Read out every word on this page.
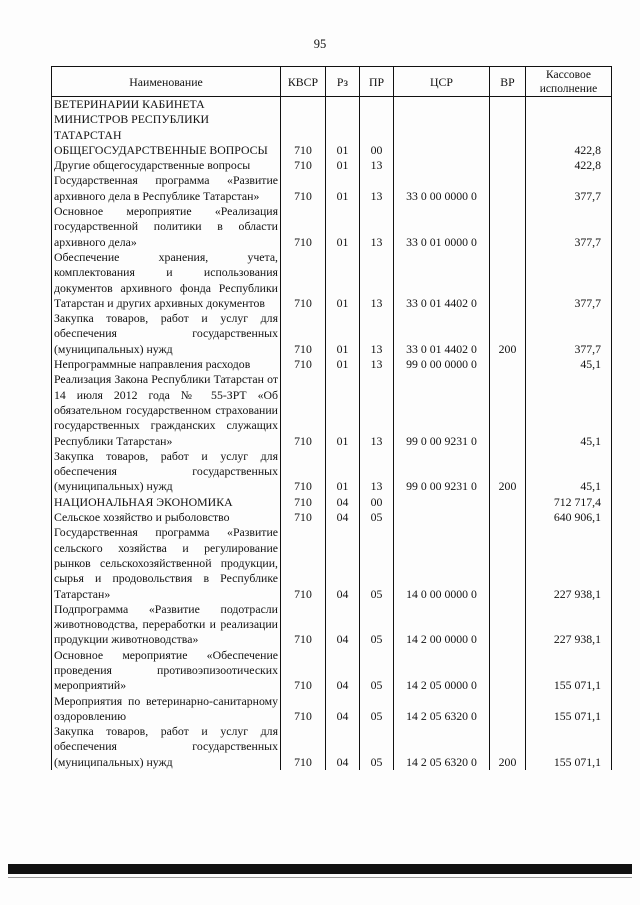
95
Наименование	КВСР	Рз	ПР	ЦСР	ВР	Кассовое исполнение
ВЕТЕРИНАРИИ КАБИНЕТА МИНИСТРОВ РЕСПУБЛИКИ ТАТАРСТАН						
ОБЩЕГОСУДАРСТВЕННЫЕ ВОПРОСЫ	710	01	00			422,8
Другие общегосударственные вопросы	710	01	13			422,8
Государственная программа «Развитие архивного дела в Республике Татарстан»	710	01	13	33 0 00 0000 0		377,7
Основное мероприятие «Реализация государственной политики в области архивного дела»	710	01	13	33 0 01 0000 0		377,7
Обеспечение хранения, учета, комплектования и использования документов архивного фонда Республики Татарстан и других архивных документов	710	01	13	33 0 01 4402 0		377,7
Закупка товаров, работ и услуг для обеспечения государственных (муниципальных) нужд	710	01	13	33 0 01 4402 0	200	377,7
Непрограммные направления расходов	710	01	13	99 0 00 0000 0		45,1
Реализация Закона Республики Татарстан от 14 июля 2012 года № 55-ЗРТ «Об обязательном государственном страховании государственных гражданских служащих Республики Татарстан»	710	01	13	99 0 00 9231 0		45,1
Закупка товаров, работ и услуг для обеспечения государственных (муниципальных) нужд	710	01	13	99 0 00 9231 0	200	45,1
НАЦИОНАЛЬНАЯ ЭКОНОМИКА	710	04	00			712 717,4
Сельское хозяйство и рыболовство	710	04	05			640 906,1
Государственная программа «Развитие сельского хозяйства и регулирование рынков сельскохозяйственной продукции, сырья и продовольствия в Республике Татарстан»	710	04	05	14 0 00 0000 0		227 938,1
Подпрограмма «Развитие подотрасли животноводства, переработки и реализации продукции животноводства»	710	04	05	14 2 00 0000 0		227 938,1
Основное мероприятие «Обеспечение проведения противоэпизоотических мероприятий»	710	04	05	14 2 05 0000 0		155 071,1
Мероприятия по ветеринарно-санитарному оздоровлению	710	04	05	14 2 05 6320 0		155 071,1
Закупка товаров, работ и услуг для обеспечения государственных (муниципальных) нужд	710	04	05	14 2 05 6320 0	200	155 071,1
